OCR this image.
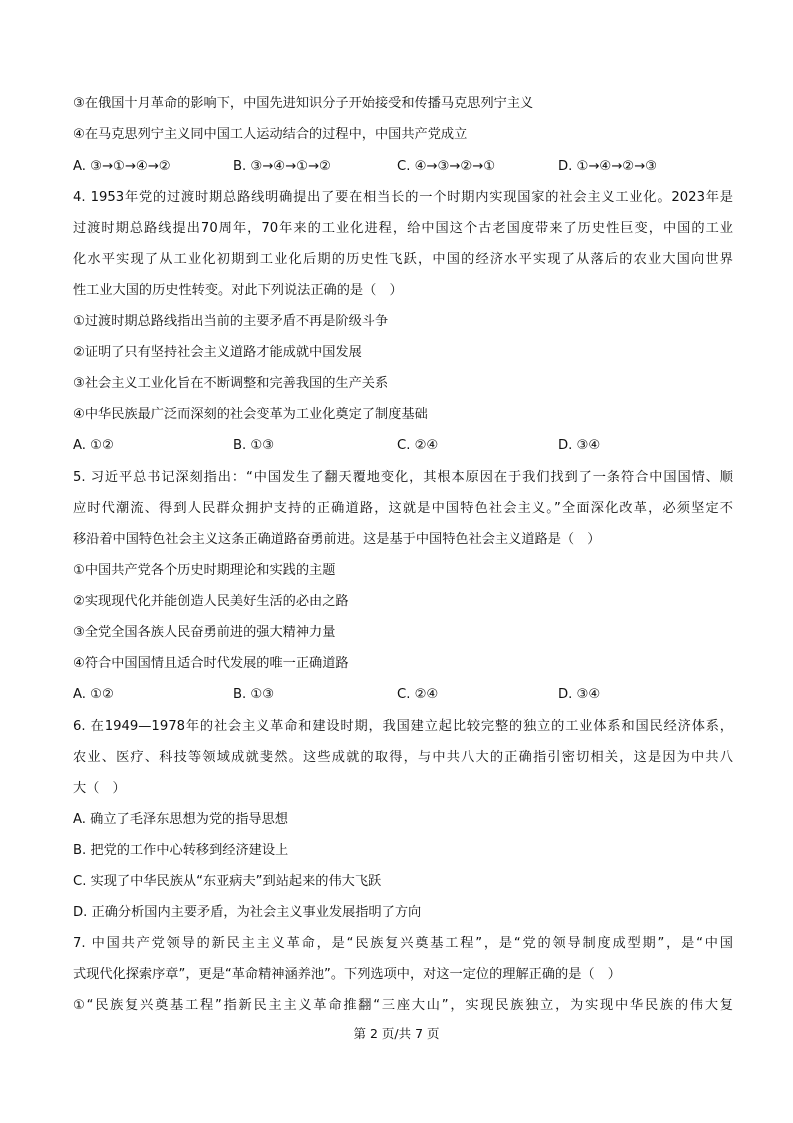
③在俄国十月革命的影响下，中国先进知识分子开始接受和传播马克思列宁主义
④在马克思列宁主义同中国工人运动结合的过程中，中国共产党成立
A. ③→①→④→②	B. ③→④→①→②	C. ④→③→②→①	D. ①→④→②→③
4. 1953年党的过渡时期总路线明确提出了要在相当长的一个时期内实现国家的社会主义工业化。2023年是
过渡时期总路线提出70周年，70年来的工业化进程，给中国这个古老国度带来了历史性巨变，中国的工业
化水平实现了从工业化初期到工业化后期的历史性飞跃，中国的经济水平实现了从落后的农业大国向世界
性工业大国的历史性转变。对此下列说法正确的是（　）
①过渡时期总路线指出当前的主要矛盾不再是阶级斗争
②证明了只有坚持社会主义道路才能成就中国发展
③社会主义工业化旨在不断调整和完善我国的生产关系
④中华民族最广泛而深刻的社会变革为工业化奠定了制度基础
A. ①②	B. ①③	C. ②④	D. ③④
5. 习近平总书记深刻指出：“中国发生了翻天覆地变化，其根本原因在于我们找到了一条符合中国国情、顺
应时代潮流、得到人民群众拥护支持的正确道路，这就是中国特色社会主义。”全面深化改革，必须坚定不
移沿着中国特色社会主义这条正确道路奋勇前进。这是基于中国特色社会主义道路是（　）
①中国共产党各个历史时期理论和实践的主题
②实现现代化并能创造人民美好生活的必由之路
③全党全国各族人民奋勇前进的强大精神力量
④符合中国国情且适合时代发展的唯一正确道路
A. ①②	B. ①③	C. ②④	D. ③④
6. 在1949—1978年的社会主义革命和建设时期，我国建立起比较完整的独立的工业体系和国民经济体系，
农业、医疗、科技等领域成就斐然。这些成就的取得，与中共八大的正确指引密切相关，这是因为中共八
大（　）
A. 确立了毛泽东思想为党的指导思想
B. 把党的工作中心转移到经济建设上
C. 实现了中华民族从“东亚病夫”到站起来的伟大飞跃
D. 正确分析国内主要矛盾，为社会主义事业发展指明了方向
7. 中国共产党领导的新民主主义革命，是“民族复兴奠基工程”，是“党的领导制度成型期”，是“中国
式现代化探索序章”，更是“革命精神涵养池”。下列选项中，对这一定位的理解正确的是（　）
①“民族复兴奠基工程”指新民主主义革命推翻“三座大山”，实现民族独立，为实现中华民族的伟大复
第 2 页/共 7 页
